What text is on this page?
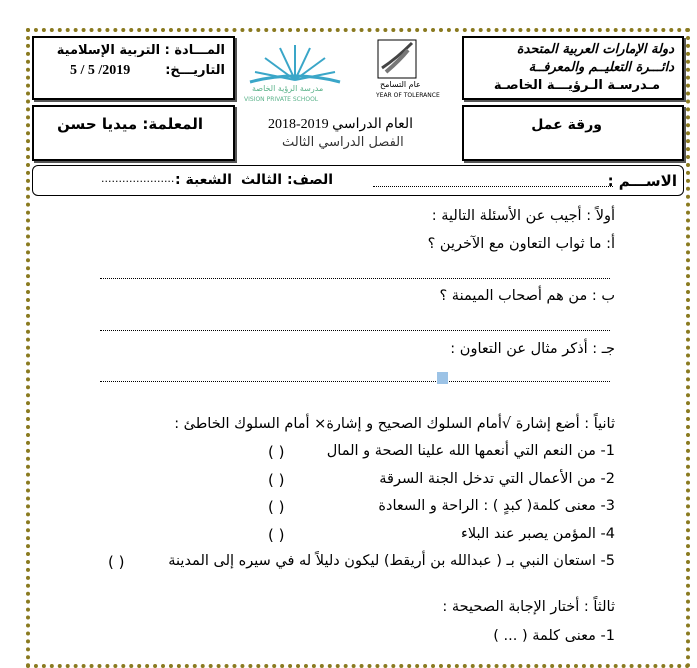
دولة الإمارات العربية المتحدة
دائـــرة التعليــم والمعرفــة
مـدرسـة الـرؤيـــة الخاصـة
المـــادة : التربية الإسلامية
التاريـــخ:
5 / 5 /2019
مدرسة الرؤية الخاصة
VISION PRIVATE SCHOOL
عام التسامح
YEAR OF TOLERANCE
ورقة عمل
المعلمة: ميديا حسن	العام الدراسي 2019-2018
الفصل الدراسي الثالث
الاســـم :
الصف: الثالث
الشعبة :
.....................
أولاً : أجيب عن الأسئلة التالية :
أ: ما ثواب التعاون مع الآخرين ؟
ب : من هم أصحاب الميمنة ؟
جـ : أذكر مثال عن التعاون :
ثانياً : أضع إشارة √أمام السلوك الصحيح و إشارة× أمام السلوك الخاطئ :
1- من النعم التي أنعمها الله علينا الصحة و المال
( )
2- من الأعمال التي تدخل الجنة السرقة
( )
3- معنى كلمة( كبدٍ ) : الراحة و السعادة
( )
4- المؤمن يصبر عند البلاء
( )
5- استعان النبي بـ ( عبدالله بن أريقط) ليكون دليلاً له في سيره إلى المدينة
( )
ثالثاً : أختار الإجابة الصحيحة :
1- معنى كلمة ( ... )
